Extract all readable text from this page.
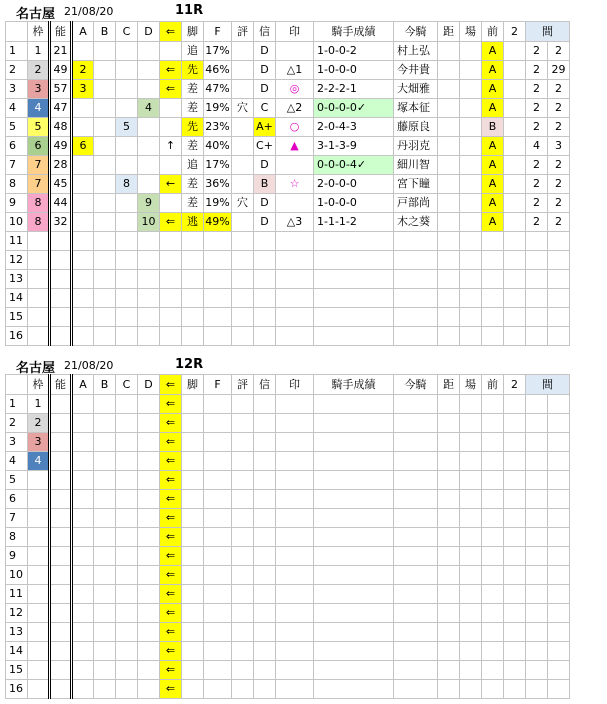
名古屋 21/08/20	11R
	枠	能	A	B	C	D	⇐	脚	F	評	信	印	騎手成績	今騎	距	場	前	2	間	
1	1	21						追	17%		D		1-0-0-2	村上弘			A		2	2
2	2	49	2				⇐	先	46%		D	△1	1-0-0-0	今井貴			A		2	29
3	3	57	3				⇐	差	47%		D	◎	2-2-2-1	大畑雅			A		2	2
4	4	47				4		差	19%	穴	C	△2	0-0-0-0✓	塚本征			A		2	2
5	5	48			5			先	23%		A+	○	2-0-4-3	藤原良			B		2	2
6	6	49	6				↑	差	40%		C+	▲	3-1-3-9	丹羽克			A		4	3
7	7	28						追	17%		D		0-0-0-4✓	細川智			A		2	2
8	7	45			8		←	差	36%		B	☆	2-0-0-0	宮下瞳			A		2	2
9	8	44				9		差	19%	穴	D		1-0-0-0	戸部尚			A		2	2
10	8	32				10	⇐	逃	49%		D	△3	1-1-1-2	木之葵			A		2	2
11																				
12																				
13																				
14																				
15																				
16																				
名古屋 21/08/20	12R
	枠	能	A	B	C	D	⇐	脚	F	評	信	印	騎手成績	今騎	距	場	前	2	間	
1	1						⇐													
2	2						⇐													
3	3						⇐													
4	4						⇐													
5							⇐													
6							⇐													
7							⇐													
8							⇐													
9							⇐													
10							⇐													
11							⇐													
12							⇐													
13							⇐													
14							⇐													
15							⇐													
16							⇐													
